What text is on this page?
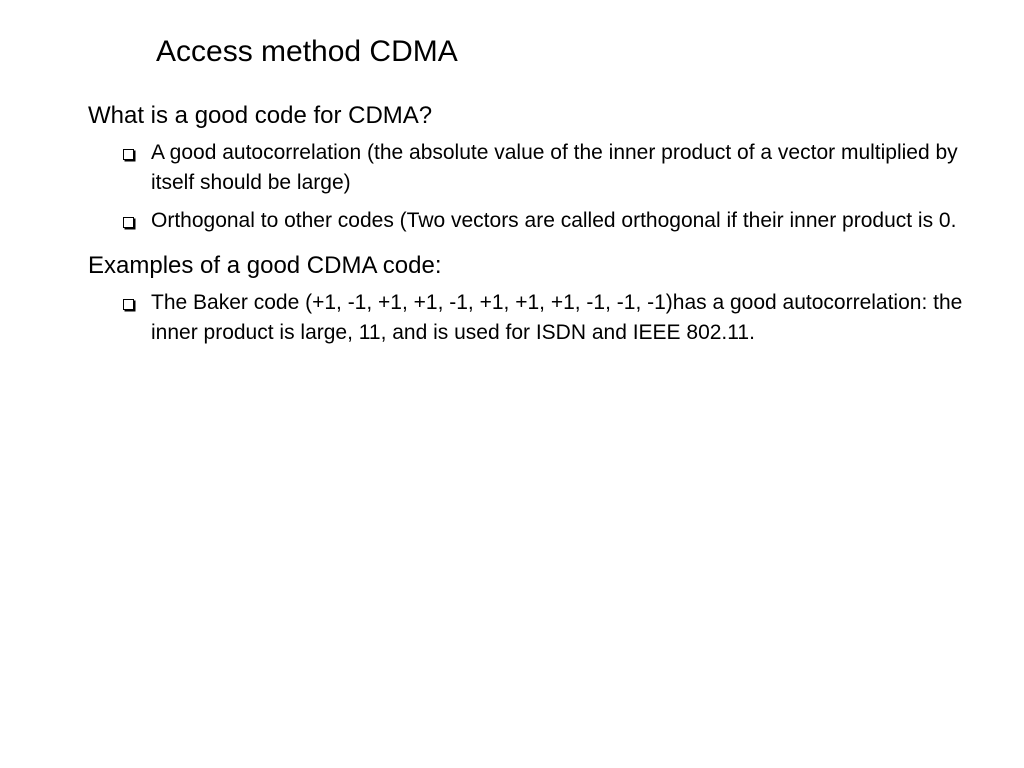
Access method CDMA
What is a good code for CDMA?
A good autocorrelation (the absolute value of the inner product of a vector multiplied by itself should be large)
Orthogonal to other codes (Two vectors are called orthogonal if their inner product is 0.
Examples of a good CDMA code:
The Baker code (+1, -1, +1, +1, -1, +1, +1, +1, -1, -1, -1)has a good autocorrelation: the inner product is large, 11, and is used for ISDN and IEEE 802.11.
